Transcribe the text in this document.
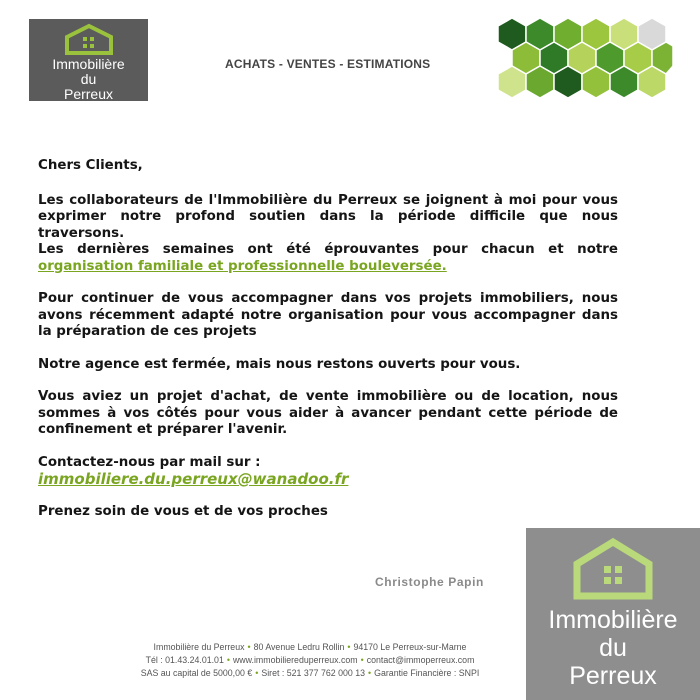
Immobilière
du
Perreux
ACHATS - VENTES - ESTIMATIONS

Chers Clients,

Les collaborateurs de l'Immobilière du Perreux se joignent à moi pour vous exprimer notre profond soutien dans la période difficile que nous traversons.

Les dernières semaines ont été éprouvantes pour chacun et notre organisation familiale et professionnelle bouleversée.

Pour continuer de vous accompagner dans vos projets immobiliers, nous avons récemment adapté notre organisation pour vous accompagner dans la préparation de ces projets

Notre agence est fermée, mais nous restons ouverts pour vous.

Vous aviez un projet d'achat, de vente immobilière ou de location, nous sommes à vos côtés pour vous aider à avancer pendant cette période de confinement et préparer l'avenir.

Contactez-nous par mail sur :

immobiliere.du.perreux@wanadoo.fr

Prenez soin de vous et de vos proches

Christophe Papin
Immobilière du Perreux • 80 Avenue Ledru Rollin • 94170 Le Perreux-sur-Marne
Tél : 01.43.24.01.01 • www.immobiliereduperreux.com • contact@immoperreux.com
SAS au capital de 5000,00 € • Siret : 521 377 762 000 13 • Garantie Financière : SNPI
Immobilière
du
Perreux
